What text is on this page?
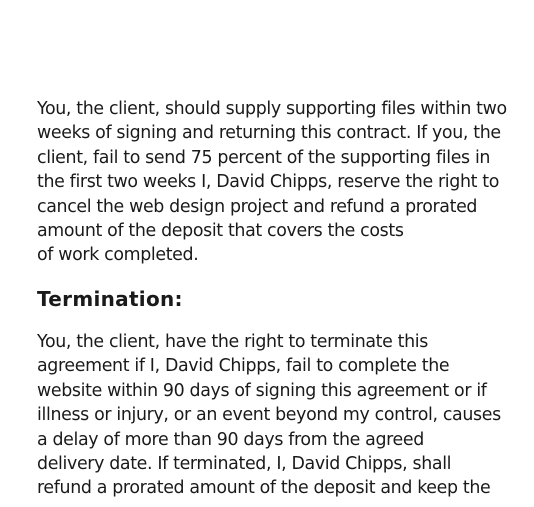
You, the client, should supply supporting files within two
weeks of signing and returning this contract. If you, the
client, fail to send 75 percent of the supporting files in
the first two weeks I, David Chipps, reserve the right to
cancel the web design project and refund a prorated
amount of the deposit that covers the costs
of work completed.

Termination:

You, the client, have the right to terminate this
agreement if I, David Chipps, fail to complete the
website within 90 days of signing this agreement or if
illness or injury, or an event beyond my control, causes
a delay of more than 90 days from the agreed
delivery date. If terminated, I, David Chipps, shall
refund a prorated amount of the deposit and keep the
